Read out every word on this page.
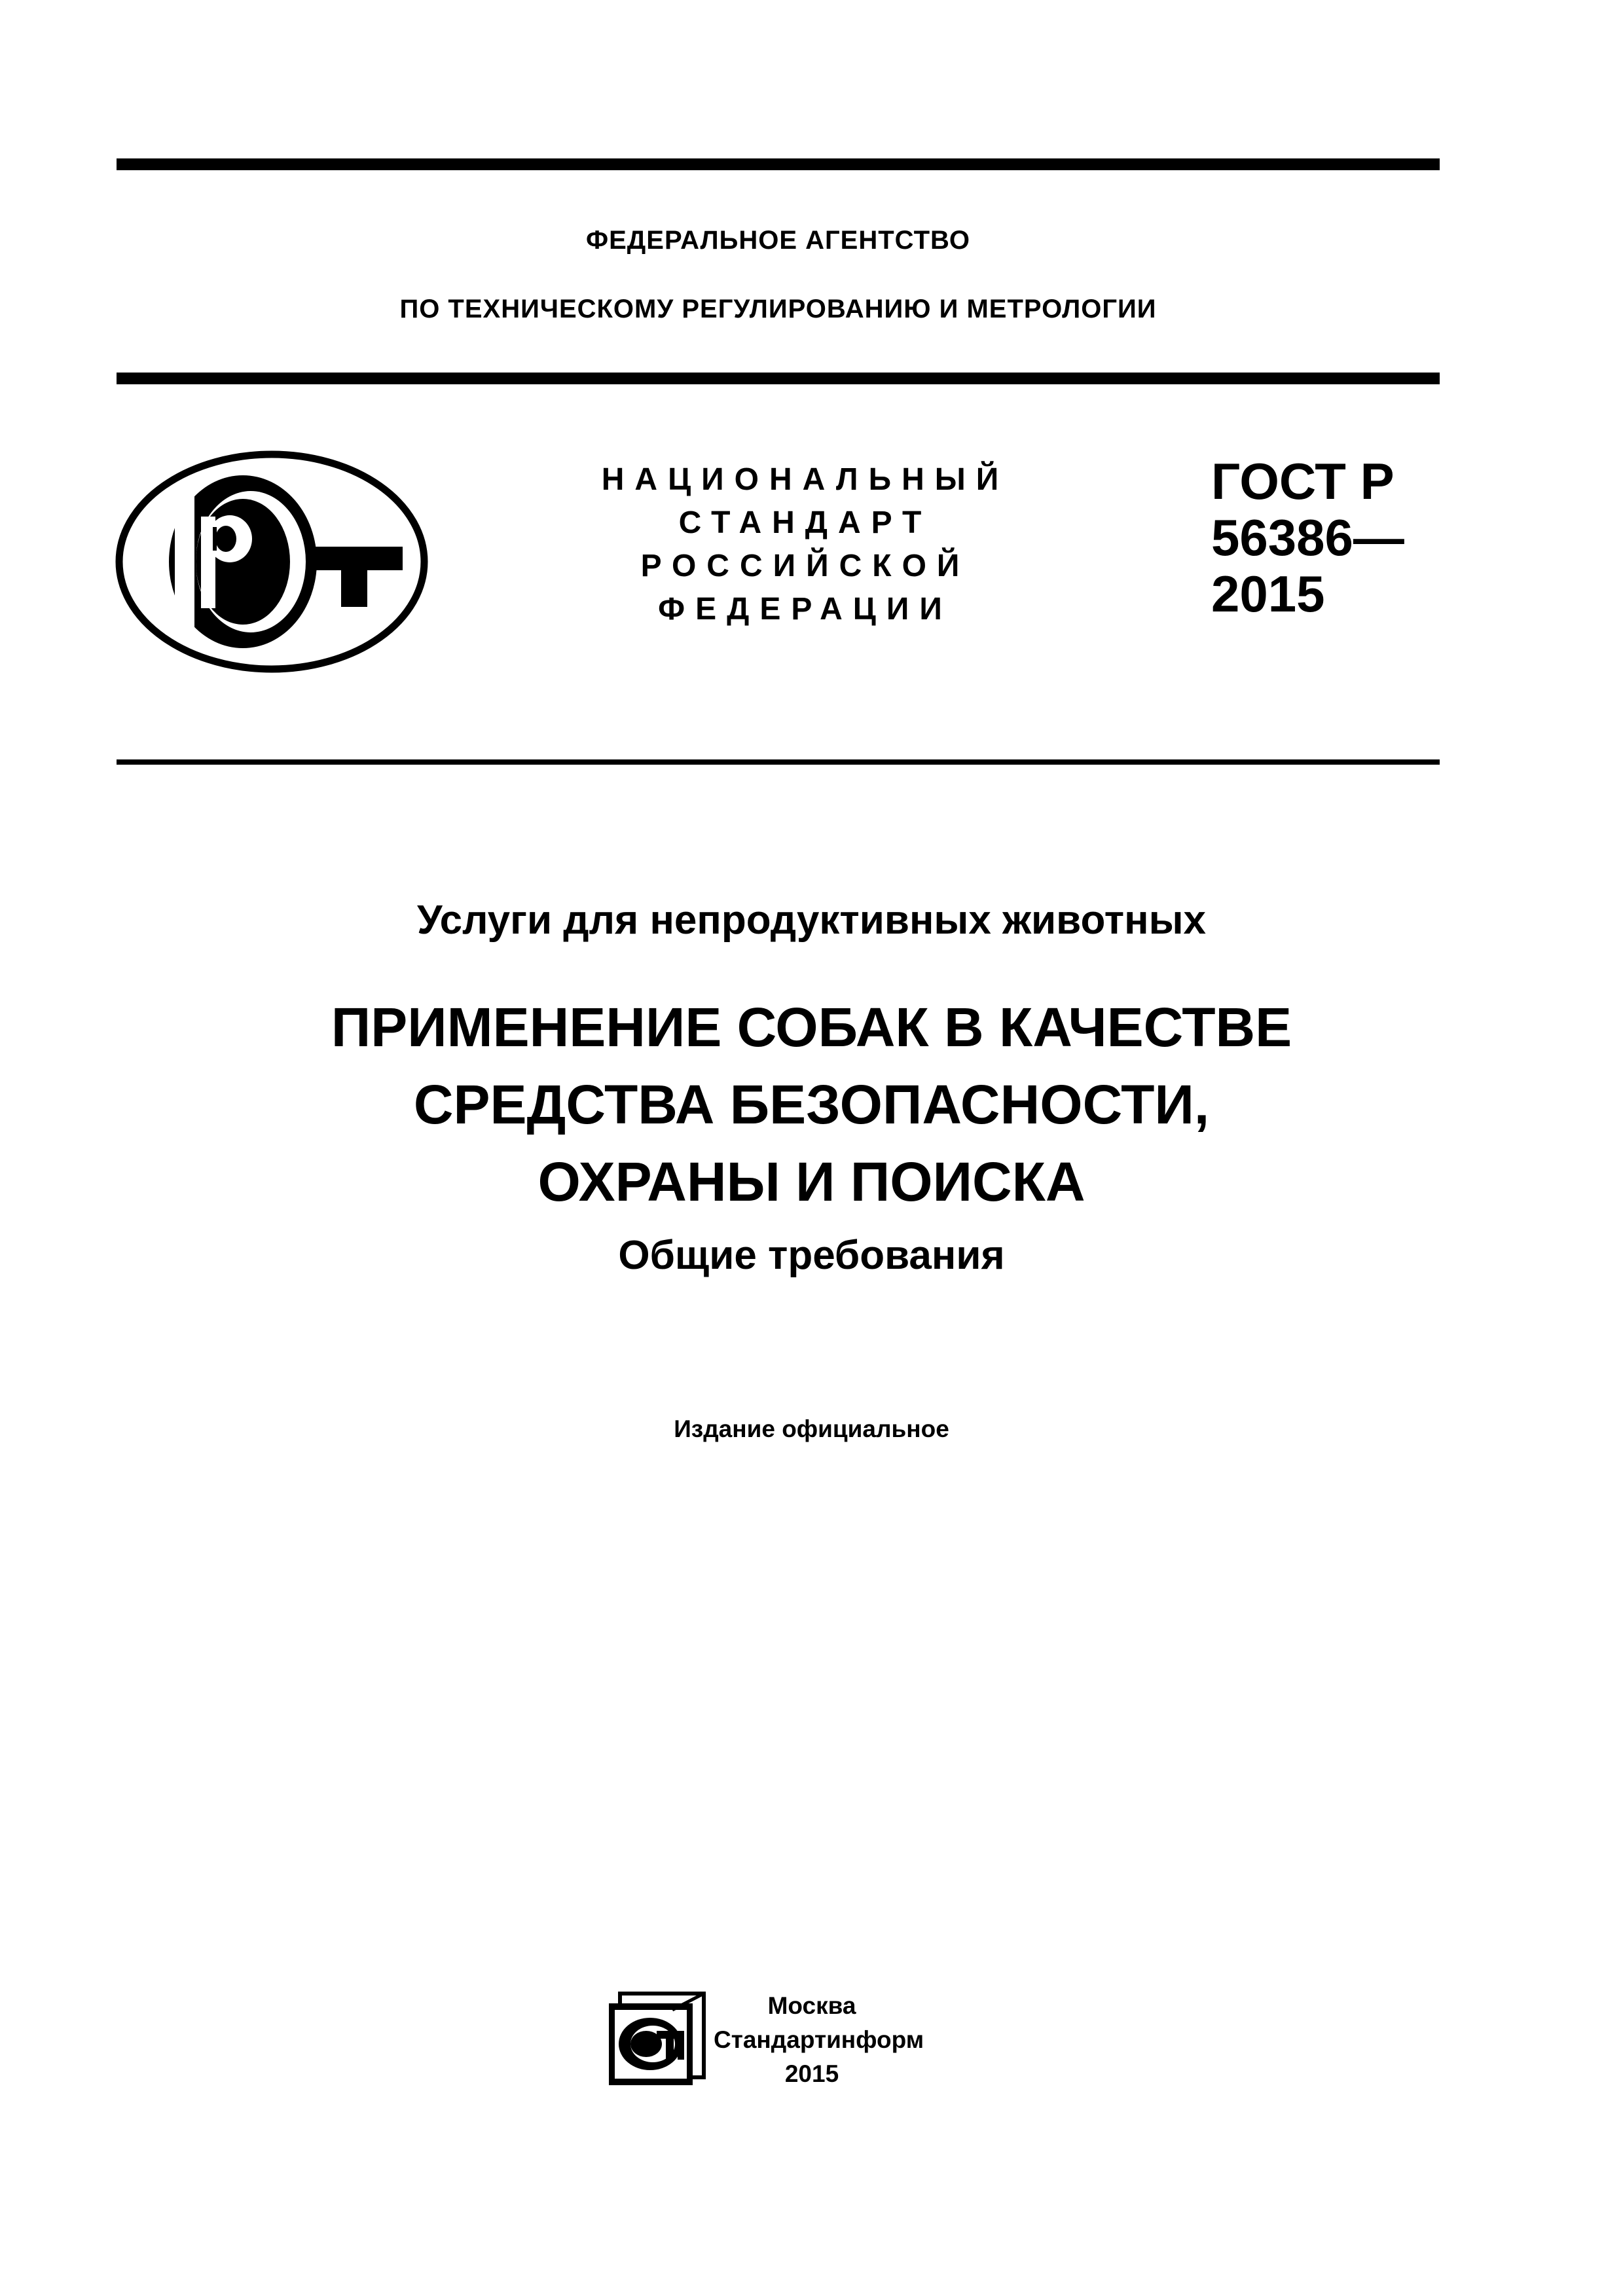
ФЕДЕРАЛЬНОЕ АГЕНТСТВО
ПО ТЕХНИЧЕСКОМУ РЕГУЛИРОВАНИЮ И МЕТРОЛОГИИ
НАЦИОНАЛЬНЫЙ
СТАНДАРТ
РОССИЙСКОЙ
ФЕДЕРАЦИИ
ГОСТ Р
56386—
2015
Услуги для непродуктивных животных
ПРИМЕНЕНИЕ СОБАК В КАЧЕСТВЕ
СРЕДСТВА БЕЗОПАСНОСТИ,
ОХРАНЫ И ПОИСКА
Общие требования
Издание официальное
Москва
Стандартинформ
2015
